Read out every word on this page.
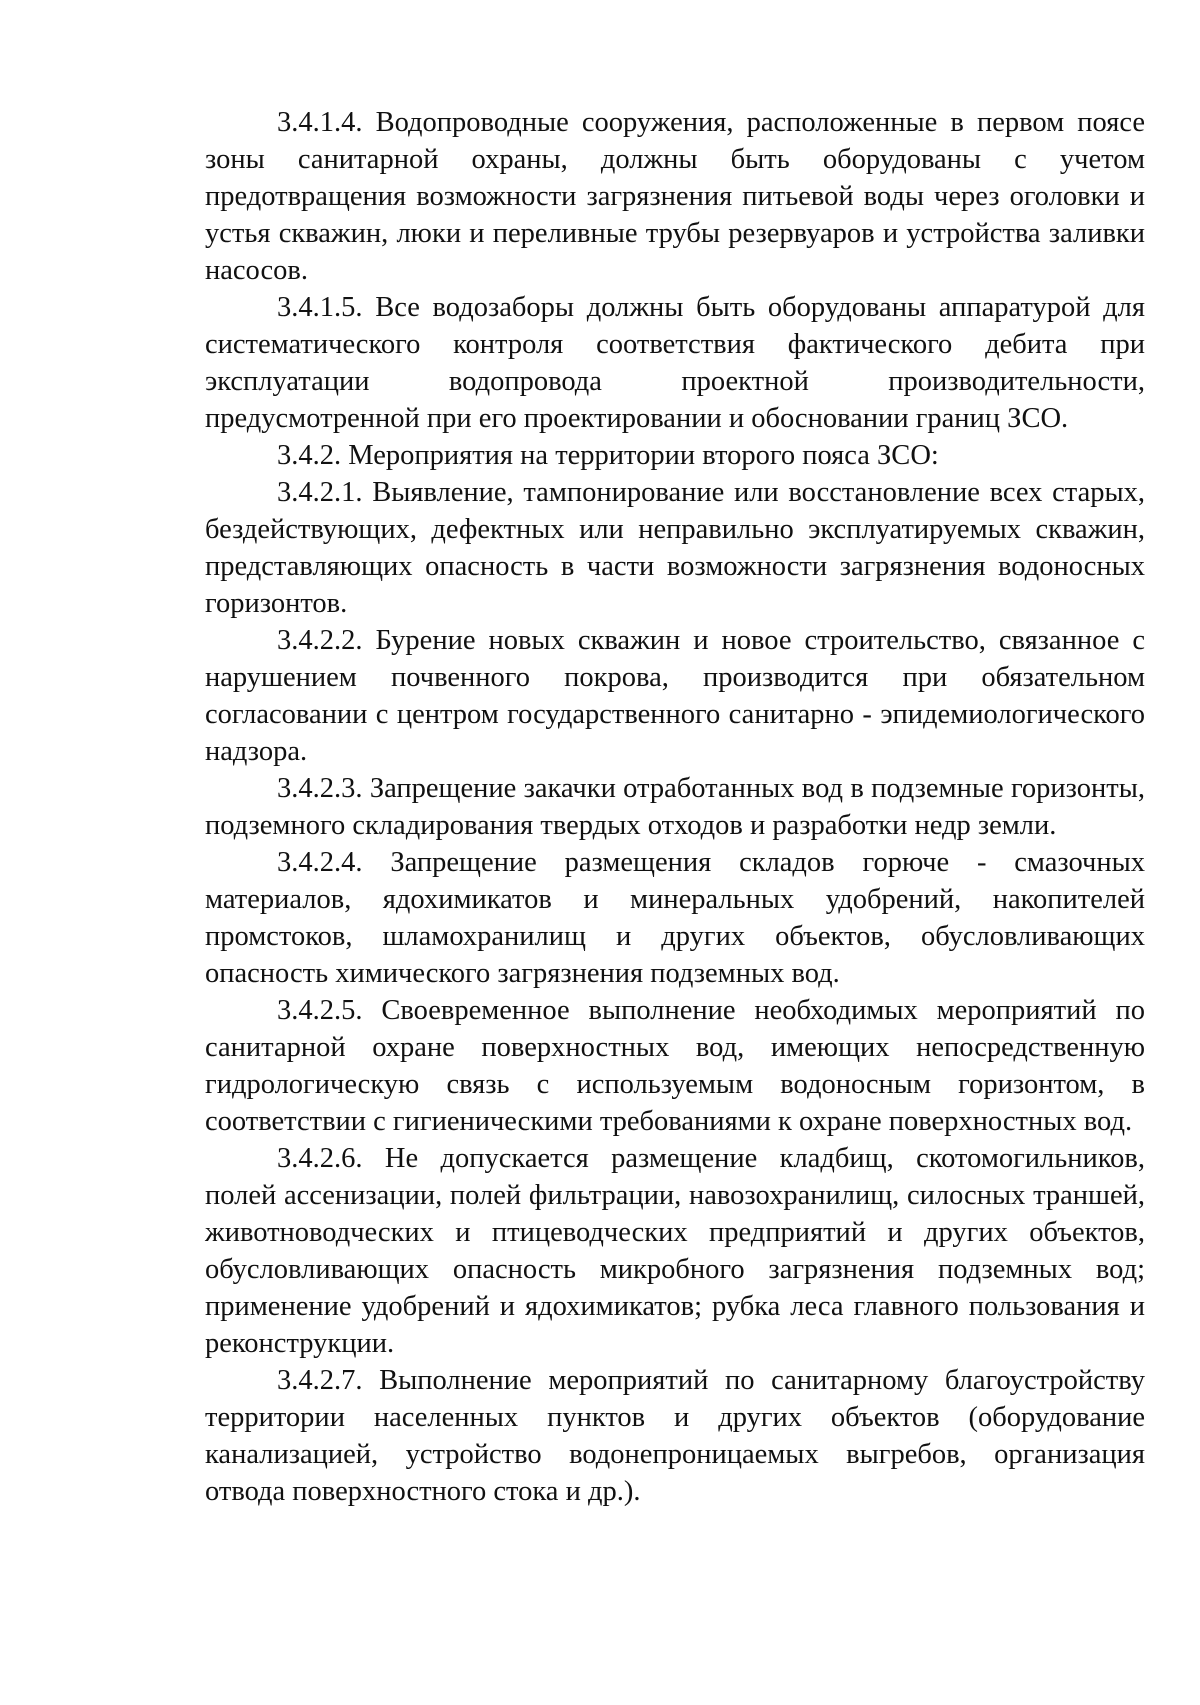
3.4.1.4. Водопроводные сооружения, расположенные в первом поясе зоны санитарной охраны, должны быть оборудованы с учетом предотвращения возможности загрязнения питьевой воды через оголовки и устья скважин, люки и переливные трубы резервуаров и устройства заливки насосов.

3.4.1.5. Все водозаборы должны быть оборудованы аппаратурой для систематического контроля соответствия фактического дебита при эксплуатации водопровода проектной производительности, предусмотренной при его проектировании и обосновании границ ЗСО.

3.4.2. Мероприятия на территории второго пояса ЗСО:

3.4.2.1. Выявление, тампонирование или восстановление всех старых, бездействующих, дефектных или неправильно эксплуатируемых скважин, представляющих опасность в части возможности загрязнения водоносных горизонтов.

3.4.2.2. Бурение новых скважин и новое строительство, связанное с нарушением почвенного покрова, производится при обязательном согласовании с центром государственного санитарно - эпидемиологического надзора.

3.4.2.3. Запрещение закачки отработанных вод в подземные горизонты, подземного складирования твердых отходов и разработки недр земли.

3.4.2.4. Запрещение размещения складов горюче - смазочных материалов, ядохимикатов и минеральных удобрений, накопителей промстоков, шламохранилищ и других объектов, обусловливающих опасность химического загрязнения подземных вод.

3.4.2.5. Своевременное выполнение необходимых мероприятий по санитарной охране поверхностных вод, имеющих непосредственную гидрологическую связь с используемым водоносным горизонтом, в соответствии с гигиеническими требованиями к охране поверхностных вод.

3.4.2.6. Не допускается размещение кладбищ, скотомогильников, полей ассенизации, полей фильтрации, навозохранилищ, силосных траншей, животноводческих и птицеводческих предприятий и других объектов, обусловливающих опасность микробного загрязнения подземных вод; применение удобрений и ядохимикатов; рубка леса главного пользования и реконструкции.

3.4.2.7. Выполнение мероприятий по санитарному благоустройству территории населенных пунктов и других объектов (оборудование канализацией, устройство водонепроницаемых выгребов, организация отвода поверхностного стока и др.).
